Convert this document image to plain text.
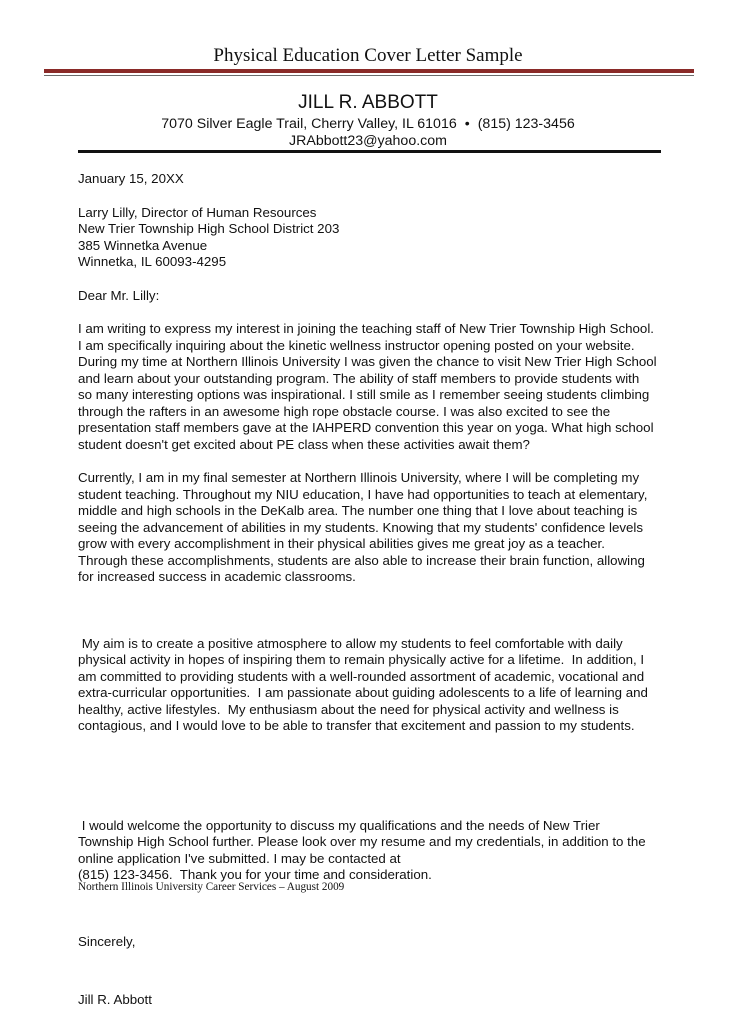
Physical Education Cover Letter Sample
JILL R. ABBOTT
7070 Silver Eagle Trail, Cherry Valley, IL 61016 • (815) 123-3456
JRAbbott23@yahoo.com

January 15, 20XX

Larry Lilly, Director of Human Resources
New Trier Township High School District 203
385 Winnetka Avenue
Winnetka, IL 60093-4295

Dear Mr. Lilly:

I am writing to express my interest in joining the teaching staff of New Trier Township High School.
I am specifically inquiring about the kinetic wellness instructor opening posted on your website.
During my time at Northern Illinois University I was given the chance to visit New Trier High School
and learn about your outstanding program. The ability of staff members to provide students with
so many interesting options was inspirational. I still smile as I remember seeing students climbing
through the rafters in an awesome high rope obstacle course. I was also excited to see the
presentation staff members gave at the IAHPERD convention this year on yoga. What high school
student doesn't get excited about PE class when these activities await them?

Currently, I am in my final semester at Northern Illinois University, where I will be completing my
student teaching. Throughout my NIU education, I have had opportunities to teach at elementary,
middle and high schools in the DeKalb area. The number one thing that I love about teaching is
seeing the advancement of abilities in my students. Knowing that my students' confidence levels
grow with every accomplishment in their physical abilities gives me great joy as a teacher.
Through these accomplishments, students are also able to increase their brain function, allowing
for increased success in academic classrooms.

My aim is to create a positive atmosphere to allow my students to feel comfortable with daily
physical activity in hopes of inspiring them to remain physically active for a lifetime.  In addition, I
am committed to providing students with a well-rounded assortment of academic, vocational and
extra-curricular opportunities.  I am passionate about guiding adolescents to a life of learning and
healthy, active lifestyles.  My enthusiasm about the need for physical activity and wellness is
contagious, and I would love to be able to transfer that excitement and passion to my students.

I would welcome the opportunity to discuss my qualifications and the needs of New Trier
Township High School further. Please look over my resume and my credentials, in addition to the
online application I've submitted. I may be contacted at
(815) 123-3456.  Thank you for your time and consideration.

Sincerely,

Jill R. Abbott

Northern Illinois University Career Services – August 2009
